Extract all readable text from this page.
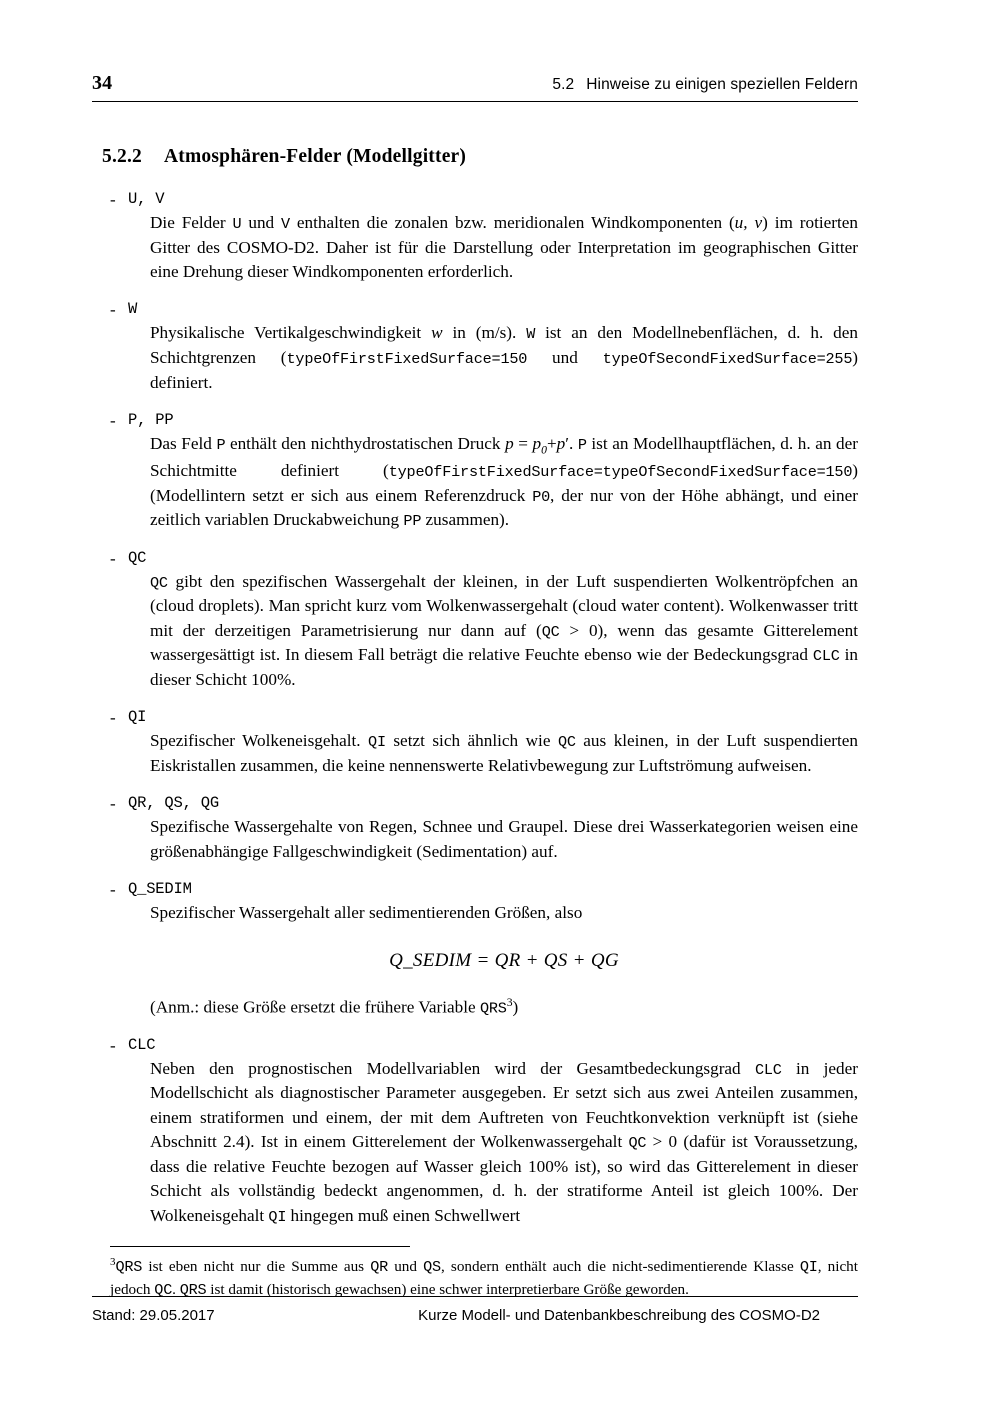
34	5.2 Hinweise zu einigen speziellen Feldern
5.2.2 Atmosphären-Felder (Modellgitter)
- U, V
Die Felder U und V enthalten die zonalen bzw. meridionalen Windkomponenten (u, v) im rotierten Gitter des COSMO-D2. Daher ist für die Darstellung oder Interpretation im geographischen Gitter eine Drehung dieser Windkomponenten erforderlich.
- W
Physikalische Vertikalgeschwindigkeit w in (m/s). W ist an den Modellnebenflächen, d. h. den Schichtgrenzen (typeOfFirstFixedSurface=150 und typeOfSecondFixedSurface=255) definiert.
- P, PP
Das Feld P enthält den nichthydrostatischen Druck $p = p_0+p'$. P ist an Modellhauptflächen, d. h. an der Schichtmitte definiert (typeOfFirstFixedSurface=typeOfSecondFixedSurface=150) (Modellintern setzt er sich aus einem Referenzdruck P0, der nur von der Höhe abhängt, und einer zeitlich variablen Druckabweichung PP zusammen).
- QC
QC gibt den spezifischen Wassergehalt der kleinen, in der Luft suspendierten Wolkentröpfchen an (cloud droplets). Man spricht kurz vom Wolkenwassergehalt (cloud water content). Wolkenwasser tritt mit der derzeitigen Parametrisierung nur dann auf (QC > 0), wenn das gesamte Gitterelement wassergesättigt ist. In diesem Fall beträgt die relative Feuchte ebenso wie der Bedeckungsgrad CLC in dieser Schicht 100%.
- QI
Spezifischer Wolkeneisgehalt. QI setzt sich ähnlich wie QC aus kleinen, in der Luft suspendierten Eiskristallen zusammen, die keine nennenswerte Relativbewegung zur Luftströmung aufweisen.
- QR, QS, QG
Spezifische Wassergehalte von Regen, Schnee und Graupel. Diese drei Wasserkategorien weisen eine größenabhängige Fallgeschwindigkeit (Sedimentation) auf.
- Q_SEDIM
Spezifischer Wassergehalt aller sedimentierenden Größen, also
Q_SEDIM = QR + QS + QG
(Anm.: diese Größe ersetzt die frühere Variable QRS$^3$)
- CLC
Neben den prognostischen Modellvariablen wird der Gesamtbedeckungsgrad CLC in jeder Modellschicht als diagnostischer Parameter ausgegeben. Er setzt sich aus zwei Anteilen zusammen, einem stratiformen und einem, der mit dem Auftreten von Feuchtkonvektion verknüpft ist (siehe Abschnitt 2.4). Ist in einem Gitterelement der Wolkenwassergehalt QC > 0 (dafür ist Voraussetzung, dass die relative Feuchte bezogen auf Wasser gleich 100% ist), so wird das Gitterelement in dieser Schicht als vollständig bedeckt angenommen, d. h. der stratiforme Anteil ist gleich 100%. Der Wolkeneisgehalt QI hingegen muß einen Schwellwert
$^3$QRS ist eben nicht nur die Summe aus QR und QS, sondern enthält auch die nicht-sedimentierende Klasse QI, nicht jedoch QC. QRS ist damit (historisch gewachsen) eine schwer interpretierbare Größe geworden.
Stand: 29.05.2017	Kurze Modell- und Datenbankbeschreibung des COSMO-D2
